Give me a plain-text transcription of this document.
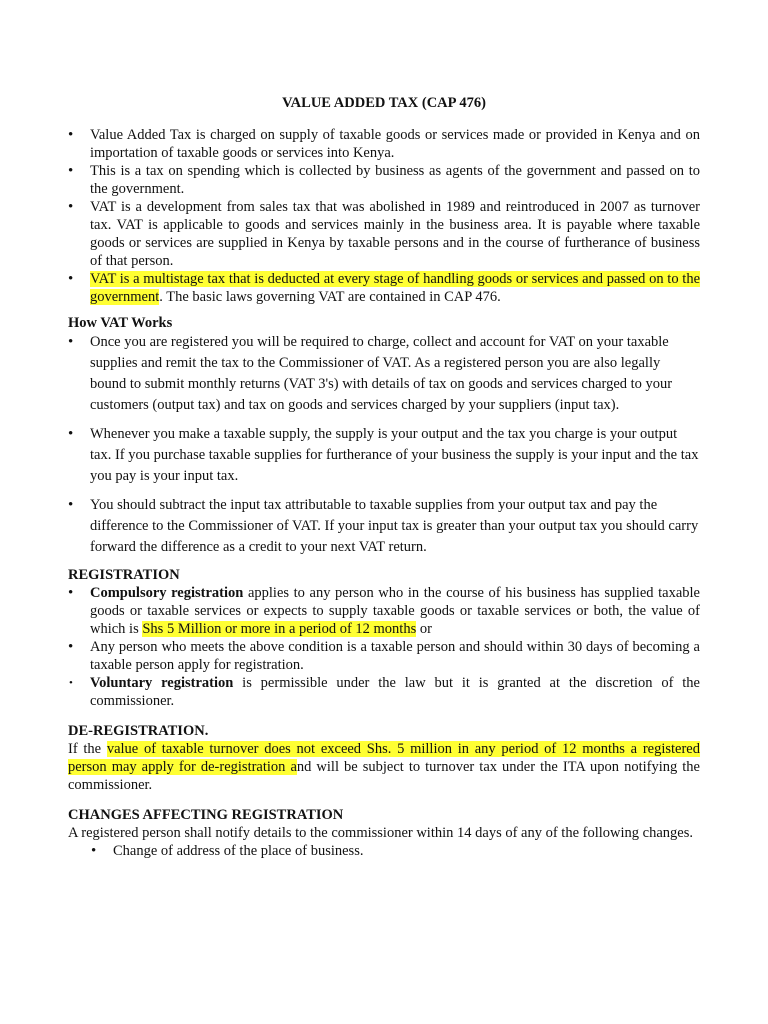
VALUE ADDED TAX (CAP 476)
• Value Added Tax is charged on supply of taxable goods or services made or provided in Kenya and on importation of taxable goods or services into Kenya.
• This is a tax on spending which is collected by business as agents of the government and passed on to the government.
• VAT is a development from sales tax that was abolished in 1989 and reintroduced in 2007 as turnover tax. VAT is applicable to goods and services mainly in the business area. It is payable where taxable goods or services are supplied in Kenya by taxable persons and in the course of furtherance of business of that person.
• VAT is a multistage tax that is deducted at every stage of handling goods or services and passed on to the government. The basic laws governing VAT are contained in CAP 476.
How VAT Works
• Once you are registered you will be required to charge, collect and account for VAT on your taxable supplies and remit the tax to the Commissioner of VAT. As a registered person you are also legally bound to submit monthly returns (VAT 3's) with details of tax on goods and services charged to your customers (output tax) and tax on goods and services charged by your suppliers (input tax).
• Whenever you make a taxable supply, the supply is your output and the tax you charge is your output tax. If you purchase taxable supplies for furtherance of your business the supply is your input and the tax you pay is your input tax.
• You should subtract the input tax attributable to taxable supplies from your output tax and pay the difference to the Commissioner of VAT. If your input tax is greater than your output tax you should carry forward the difference as a credit to your next VAT return.
REGISTRATION
• Compulsory registration applies to any person who in the course of his business has supplied taxable goods or taxable services or expects to supply taxable goods or taxable services or both, the value of which is Shs 5 Million or more in a period of 12 months or
• Any person who meets the above condition is a taxable person and should within 30 days of becoming a taxable person apply for registration.
• Voluntary registration is permissible under the law but it is granted at the discretion of the commissioner.
DE-REGISTRATION.

If the value of taxable turnover does not exceed Shs. 5 million in any period of 12 months a registered person may apply for de-registration and will be subject to turnover tax under the ITA upon notifying the commissioner.

CHANGES AFFECTING REGISTRATION

A registered person shall notify details to the commissioner within 14 days of any of the following changes.

• Change of address of the place of business.
